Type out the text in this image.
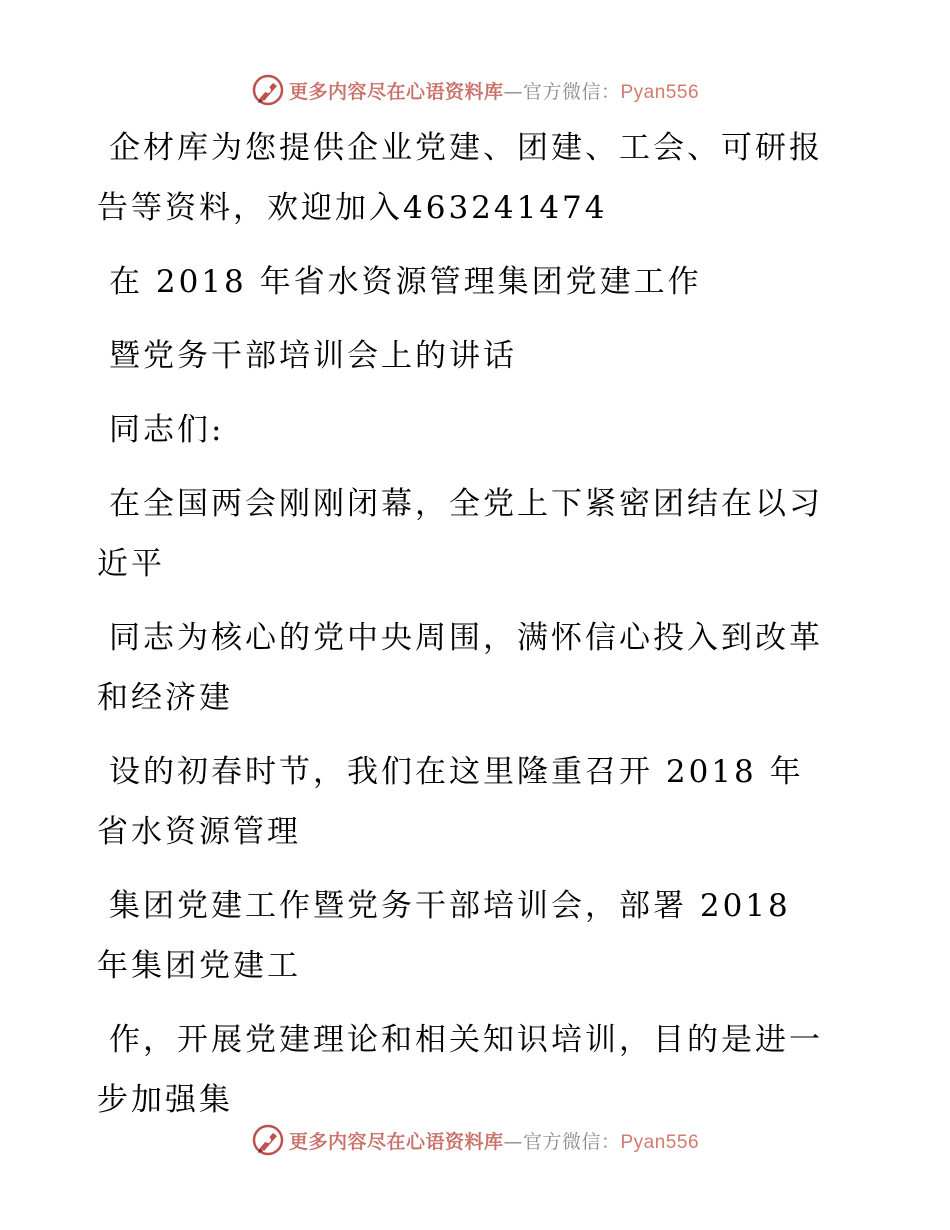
更多内容尽在心语资料库—官方微信：Pyan556

企材库为您提供企业党建、团建、工会、可研报告等资料，欢迎加入463241474

在 2018 年省水资源管理集团党建工作

暨党务干部培训会上的讲话

同志们:

在全国两会刚刚闭幕，全党上下紧密团结在以习近平

同志为核心的党中央周围，满怀信心投入到改革和经济建

设的初春时节，我们在这里隆重召开 2018 年省水资源管理

集团党建工作暨党务干部培训会，部署 2018 年集团党建工

作，开展党建理论和相关知识培训，目的是进一步加强集

更多内容尽在心语资料库—官方微信：Pyan556
